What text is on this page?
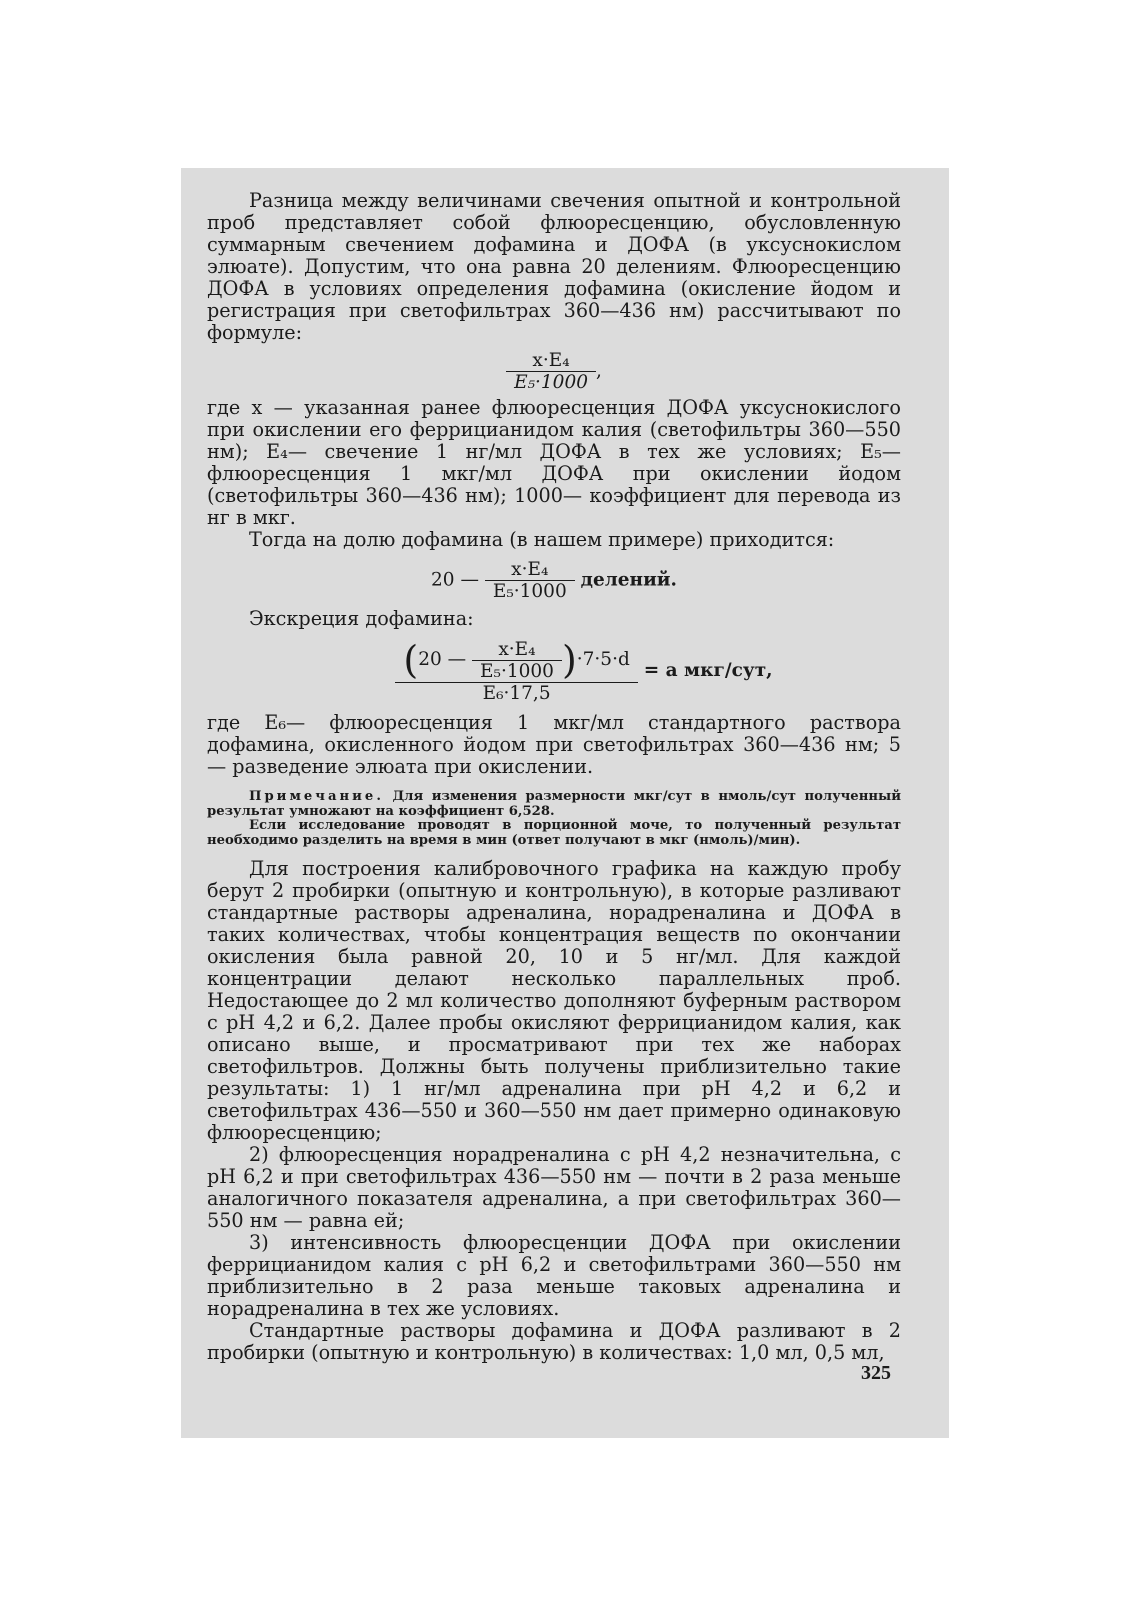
Разница между величинами свечения опытной и контрольной проб представляет собой флюоресценцию, обусловленную суммарным свечением дофамина и ДОФА (в уксуснокислом элюате). Допустим, что она равна 20 делениям. Флюоресценцию ДОФА в условиях определения дофамина (окисление йодом и регистрация при светофильтрах 360—436 нм) рассчитывают по формуле:

$\frac{\text{x·E₄}}{\text{E₅·1000}}$ ,

где x — указанная ранее флюоресценция ДОФА уксуснокислого при окислении его феррицианидом калия (светофильтры 360—550 нм); E₄— свечение 1 нг/мл ДОФА в тех же условиях; E₅— флюоресценция 1 мкг/мл ДОФА при окислении йодом (светофильтры 360—436 нм); 1000— коэффициент для перевода из нг в мкг.

Тогда на долю дофамина (в нашем примере) приходится:

20 — $\frac{\text{x·E₄}}{\text{E₅·1000}}$ делений.

Экскреция дофамина:

(20 — $\frac{\text{x·E₄}}{\text{E₅·1000}} )\cdot 7\cdot 5\cdot d$
E₆·17,5
= a мкг/сут,

где E₆— флюоресценция 1 мкг/мл стандартного раствора дофамина, окисленного йодом при светофильтрах 360—436 нм; 5 — разведение элюата при окислении.

Примечание. Для изменения размерности мкг/сут в нмоль/сут полученный результат умножают на коэффициент 6,528.

Если исследование проводят в порционной моче, то полученный результат необходимо разделить на время в мин (ответ получают в мкг (нмоль)/мин).

Для построения калибровочного графика на каждую пробу берут 2 пробирки (опытную и контрольную), в которые разливают стандартные растворы адреналина, норадреналина и ДОФА в таких количествах, чтобы концентрация веществ по окончании окисления была равной 20, 10 и 5 нг/мл. Для каждой концентрации делают несколько параллельных проб. Недостающее до 2 мл количество дополняют буферным раствором с pH 4,2 и 6,2. Далее пробы окисляют феррицианидом калия, как описано выше, и просматривают при тех же наборах светофильтров. Должны быть получены приблизительно такие результаты: 1) 1 нг/мл адреналина при pH 4,2 и 6,2 и светофильтрах 436—550 и 360—550 нм дает примерно одинаковую флюоресценцию;

2) флюоресценция норадреналина с pH 4,2 незначительна, с pH 6,2 и при светофильтрах 436—550 нм — почти в 2 раза меньше аналогичного показателя адреналина, а при светофильтрах 360—550 нм — равна ей;

3) интенсивность флюоресценции ДОФА при окислении феррицианидом калия с pH 6,2 и светофильтрами 360—550 нм приблизительно в 2 раза меньше таковых адреналина и норадреналина в тех же условиях.

Стандартные растворы дофамина и ДОФА разливают в 2 пробирки (опытную и контрольную) в количествах: 1,0 мл, 0,5 мл,

325
